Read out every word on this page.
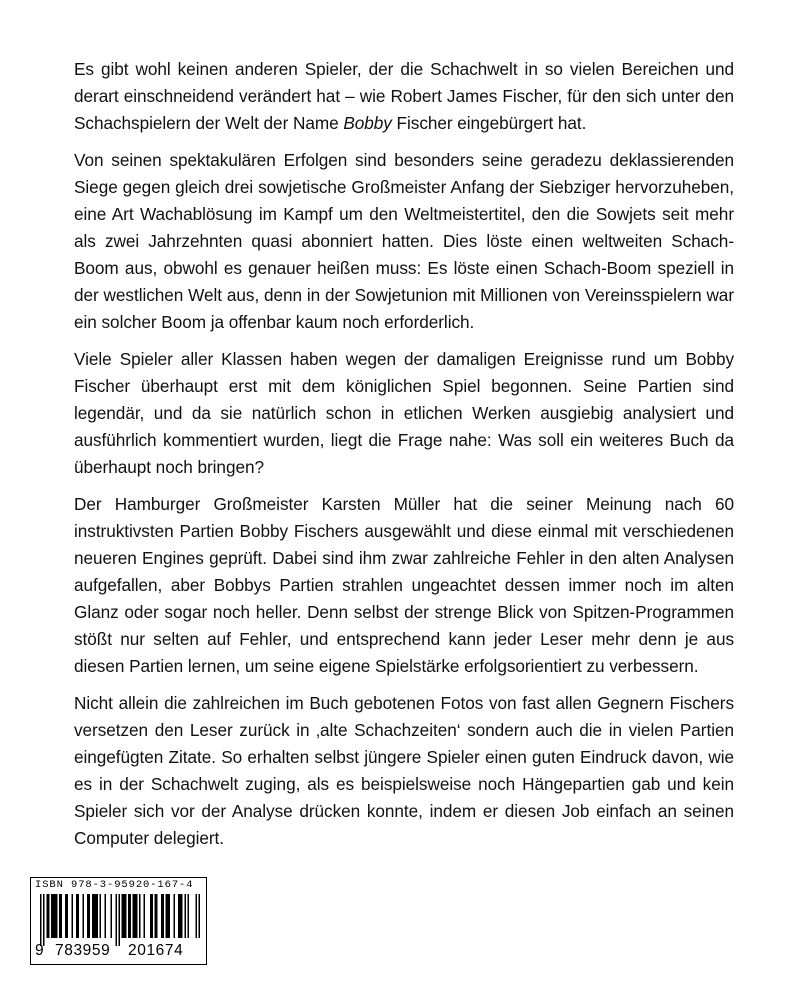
Es gibt wohl keinen anderen Spieler, der die Schachwelt in so vielen Bereichen und derart einschneidend verändert hat – wie Robert James Fischer, für den sich unter den Schachspielern der Welt der Name Bobby Fischer eingebürgert hat.

Von seinen spektakulären Erfolgen sind besonders seine geradezu deklassierenden Siege gegen gleich drei sowjetische Großmeister Anfang der Siebziger hervorzuheben, eine Art Wachablösung im Kampf um den Weltmeistertitel, den die Sowjets seit mehr als zwei Jahrzehnten quasi abonniert hatten. Dies löste einen weltweiten Schach-Boom aus, obwohl es genauer heißen muss: Es löste einen Schach-Boom speziell in der westlichen Welt aus, denn in der Sowjetunion mit Millionen von Vereinsspielern war ein solcher Boom ja offenbar kaum noch erforderlich.

Viele Spieler aller Klassen haben wegen der damaligen Ereignisse rund um Bobby Fischer überhaupt erst mit dem königlichen Spiel begonnen. Seine Partien sind legendär, und da sie natürlich schon in etlichen Werken ausgiebig analysiert und ausführlich kommentiert wurden, liegt die Frage nahe: Was soll ein weiteres Buch da überhaupt noch bringen?

Der Hamburger Großmeister Karsten Müller hat die seiner Meinung nach 60 instruktivsten Partien Bobby Fischers ausgewählt und diese einmal mit verschiedenen neueren Engines geprüft. Dabei sind ihm zwar zahlreiche Fehler in den alten Analysen aufgefallen, aber Bobbys Partien strahlen ungeachtet dessen immer noch im alten Glanz oder sogar noch heller. Denn selbst der strenge Blick von Spitzen-Programmen stößt nur selten auf Fehler, und entsprechend kann jeder Leser mehr denn je aus diesen Partien lernen, um seine eigene Spielstärke erfolgsorientiert zu verbessern.

Nicht allein die zahlreichen im Buch gebotenen Fotos von fast allen Gegnern Fischers versetzen den Leser zurück in ‚alte Schachzeiten‘ sondern auch die in vielen Partien eingefügten Zitate. So erhalten selbst jüngere Spieler einen guten Eindruck davon, wie es in der Schachwelt zuging, als es beispielsweise noch Hängepartien gab und kein Spieler sich vor der Analyse drücken konnte, indem er diesen Job einfach an seinen Computer delegiert.

ISBN 978-3-95920-167-4
9 783959 201674
